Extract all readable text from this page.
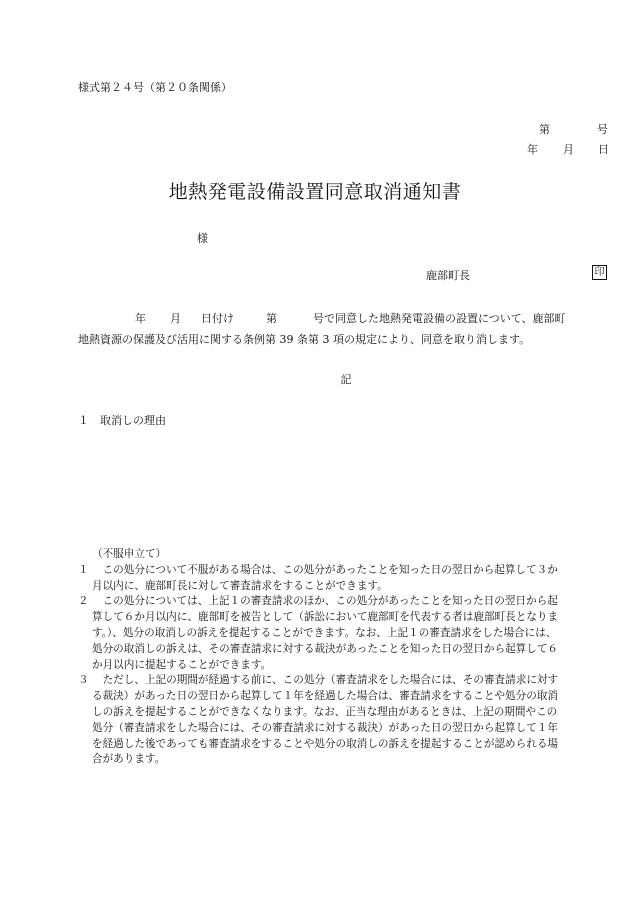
様式第２４号（第２０条関係）
第	号
年 月 日
地熱発電設備設置同意取消通知書
様
鹿部町長	印
年 月 日付け	第	号で同意した地熱発電設備の設置について、鹿部町
地熱資源の保護及び活用に関する条例第 39 条第 3 項の規定により、同意を取り消します。
記
１　取消しの理由
（不服申立て）
１ 　この処分について不服がある場合は、この処分があったことを知った日の翌日から起算して３か
月以内に、鹿部町長に対して審査請求をすることができます。
２ 　この処分については、上記１の審査請求のほか、この処分があったことを知った日の翌日から起
算して６か月以内に、鹿部町を被告として（訴訟において鹿部町を代表する者は鹿部町長となりま
す。）、処分の取消しの訴えを提起することができます。なお、上記１の審査請求をした場合には、
処分の取消しの訴えは、その審査請求に対する裁決があったことを知った日の翌日から起算して６
か月以内に提起することができます。
３ 　ただし、上記の期間が経過する前に、この処分（審査請求をした場合には、その審査請求に対す
る裁決）があった日の翌日から起算して１年を経過した場合は、審査請求をすることや処分の取消
しの訴えを提起することができなくなります。なお、正当な理由があるときは、上記の期間やこの
処分（審査請求をした場合には、その審査請求に対する裁決）があった日の翌日から起算して１年
を経過した後であっても審査請求をすることや処分の取消しの訴えを提起することが認められる場
合があります。
